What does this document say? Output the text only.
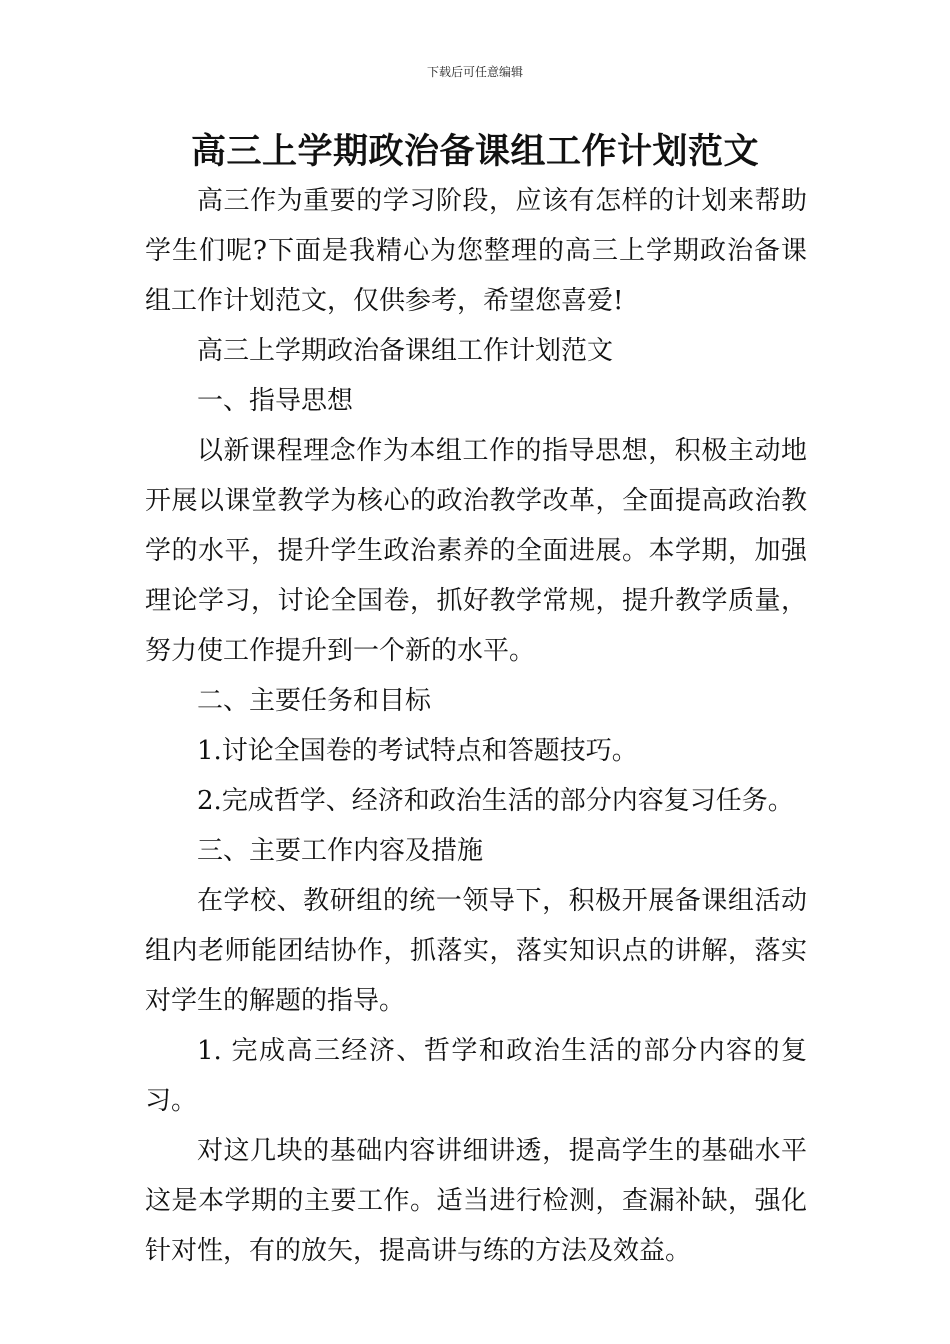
下载后可任意编辑
高三上学期政治备课组工作计划范文

高三作为重要的学习阶段，应该有怎样的计划来帮助学生们呢?下面是我精心为您整理的高三上学期政治备课组工作计划范文，仅供参考，希望您喜爱!

高三上学期政治备课组工作计划范文

一、指导思想

以新课程理念作为本组工作的指导思想，积极主动地开展以课堂教学为核心的政治教学改革，全面提高政治教学的水平，提升学生政治素养的全面进展。本学期，加强理论学习，讨论全国卷，抓好教学常规，提升教学质量，努力使工作提升到一个新的水平。

二、主要任务和目标

1.讨论全国卷的考试特点和答题技巧。

2.完成哲学、经济和政治生活的部分内容复习任务。

三、主要工作内容及措施

在学校、教研组的统一领导下，积极开展备课组活动组内老师能团结协作，抓落实，落实知识点的讲解，落实对学生的解题的指导。

1. 完成高三经济、哲学和政治生活的部分内容的复习。

对这几块的基础内容讲细讲透，提高学生的基础水平这是本学期的主要工作。适当进行检测，查漏补缺，强化针对性，有的放矢，提高讲与练的方法及效益。
